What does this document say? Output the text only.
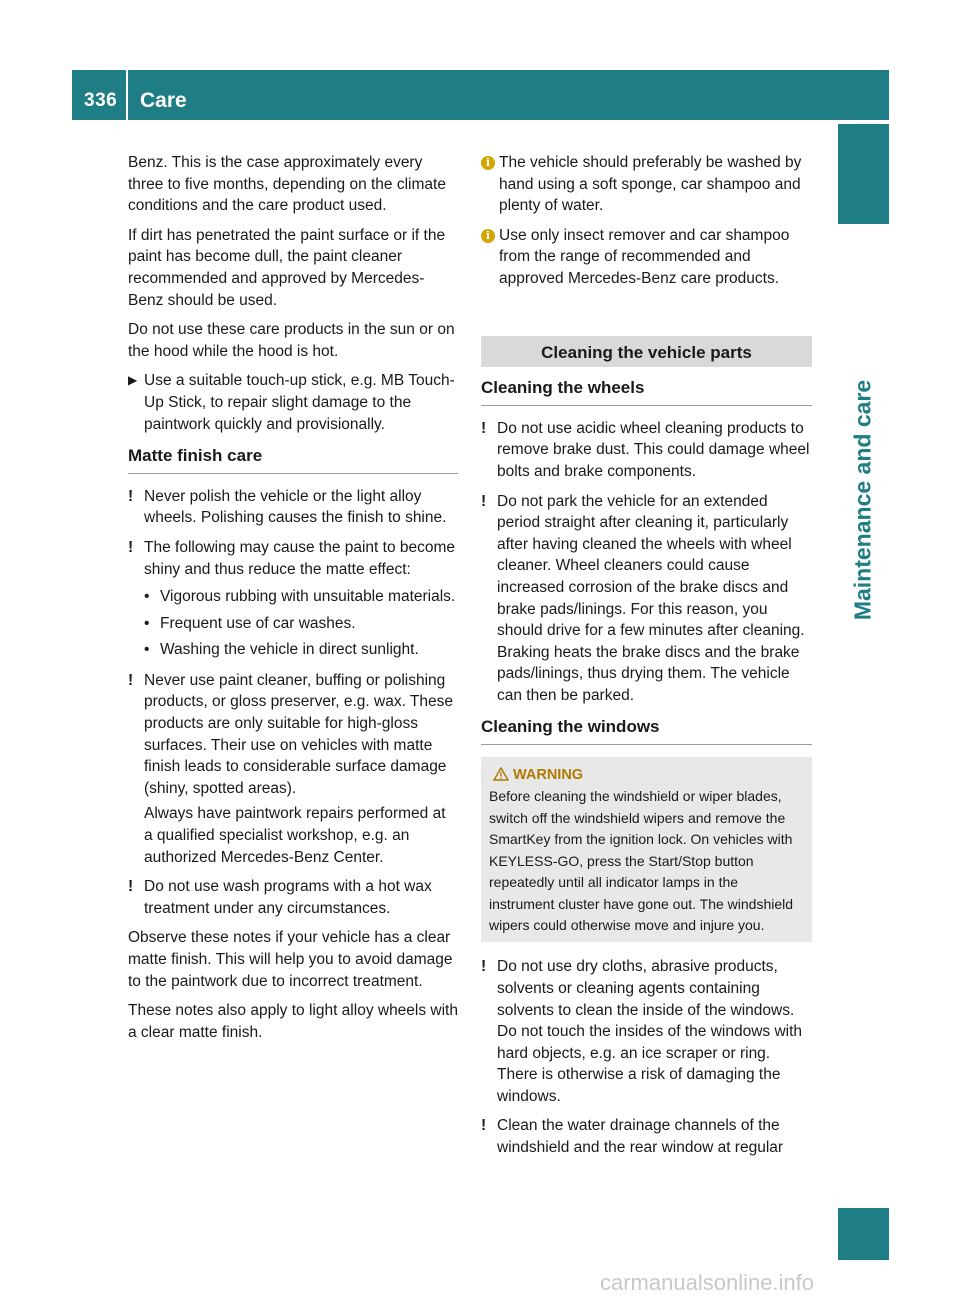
336 Care
Maintenance and care

Benz. This is the case approximately every three to five months, depending on the climate conditions and the care product used.

If dirt has penetrated the paint surface or if the paint has become dull, the paint cleaner recommended and approved by Mercedes-Benz should be used.

Do not use these care products in the sun or on the hood while the hood is hot.

▶ Use a suitable touch-up stick, e.g. MB Touch-Up Stick, to repair slight damage to the paintwork quickly and provisionally.

Matte finish care

! Never polish the vehicle or the light alloy wheels. Polishing causes the finish to shine.

! The following may cause the paint to become shiny and thus reduce the matte effect:

• Vigorous rubbing with unsuitable materials.
• Frequent use of car washes.
• Washing the vehicle in direct sunlight.

! Never use paint cleaner, buffing or polishing products, or gloss preserver, e.g. wax. These products are only suitable for high-gloss surfaces. Their use on vehicles with matte finish leads to considerable surface damage (shiny, spotted areas).

Always have paintwork repairs performed at a qualified specialist workshop, e.g. an authorized Mercedes-Benz Center.

! Do not use wash programs with a hot wax treatment under any circumstances.

Observe these notes if your vehicle has a clear matte finish. This will help you to avoid damage to the paintwork due to incorrect treatment.

These notes also apply to light alloy wheels with a clear matte finish.

i The vehicle should preferably be washed by hand using a soft sponge, car shampoo and plenty of water.

i Use only insect remover and car shampoo from the range of recommended and approved Mercedes-Benz care products.

Cleaning the vehicle parts
Cleaning the wheels

! Do not use acidic wheel cleaning products to remove brake dust. This could damage wheel bolts and brake components.

! Do not park the vehicle for an extended period straight after cleaning it, particularly after having cleaned the wheels with wheel cleaner. Wheel cleaners could cause increased corrosion of the brake discs and brake pads/linings. For this reason, you should drive for a few minutes after cleaning. Braking heats the brake discs and the brake pads/linings, thus drying them. The vehicle can then be parked.

Cleaning the windows
WARNING
Before cleaning the windshield or wiper blades, switch off the windshield wipers and remove the SmartKey from the ignition lock. On vehicles with KEYLESS-GO, press the Start/Stop button repeatedly until all indicator lamps in the instrument cluster have gone out. The windshield wipers could otherwise move and injure you.

! Do not use dry cloths, abrasive products, solvents or cleaning agents containing solvents to clean the inside of the windows. Do not touch the insides of the windows with hard objects, e.g. an ice scraper or ring. There is otherwise a risk of damaging the windows.

! Clean the water drainage channels of the windshield and the rear window at regular

carmanualsonline.info
